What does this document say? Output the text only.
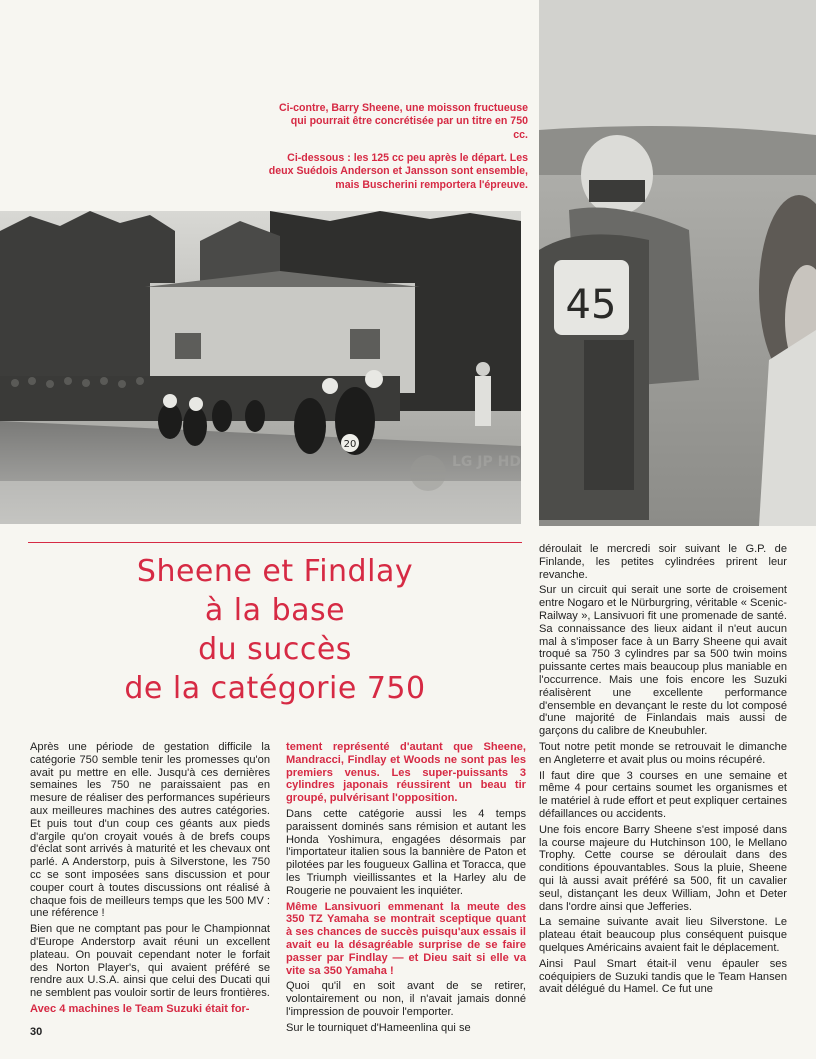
Ci-contre, Barry Sheene, une moisson fructueuse qui pourrait être concrétisée par un titre en 750 cc.
Ci-dessous : les 125 cc peu après le départ. Les deux Suédois Anderson et Jansson sont ensemble, mais Buscherini remportera l'épreuve.
20
LG JP HD
45
Sheene et Findlay
à la base
du succès
de la catégorie 750

Après une période de gestation difficile la catégorie 750 semble tenir les promesses qu'on avait pu mettre en elle. Jusqu'à ces dernières semaines les 750 ne paraissaient pas en mesure de réaliser des performances supérieurs aux meilleures machines des autres catégories. Et puis tout d'un coup ces géants aux pieds d'argile qu'on croyait voués à de brefs coups d'éclat sont arrivés à maturité et les chevaux ont parlé. A Anderstorp, puis à Silverstone, les 750 cc se sont imposées sans discussion et pour couper court à toutes discussions ont réalisé à chaque fois de meilleurs temps que les 500 MV : une référence !

Bien que ne comptant pas pour le Championnat d'Europe Anderstorp avait réuni un excellent plateau. On pouvait cependant noter le forfait des Norton Player's, qui avaient préféré se rendre aux U.S.A. ainsi que celui des Ducati qui ne semblent pas vouloir sortir de leurs frontières.

Avec 4 machines le Team Suzuki était for-

tement représenté d'autant que Sheene, Mandracci, Findlay et Woods ne sont pas les premiers venus. Les super-puissants 3 cylindres japonais réussirent un beau tir groupé, pulvérisant l'opposition.

Dans cette catégorie aussi les 4 temps paraissent dominés sans rémision et autant les Honda Yoshimura, engagées désormais par l'importateur italien sous la bannière de Paton et pilotées par les fougueux Gallina et Toracca, que les Triumph vieillissantes et la Harley alu de Rougerie ne pouvaient les inquiéter.

Même Lansivuori emmenant la meute des 350 TZ Yamaha se montrait sceptique quant à ses chances de succès puisqu'aux essais il avait eu la désagréable surprise de se faire passer par Findlay — et Dieu sait si elle va vite sa 350 Yamaha !

Quoi qu'il en soit avant de se retirer, volontairement ou non, il n'avait jamais donné l'impression de pouvoir l'emporter.

Sur le tourniquet d'Hameenlina qui se

déroulait le mercredi soir suivant le G.P. de Finlande, les petites cylindrées prirent leur revanche.

Sur un circuit qui serait une sorte de croisement entre Nogaro et le Nürburgring, véritable « Scenic-Railway », Lansivuori fit une promenade de santé. Sa connaissance des lieux aidant il n'eut aucun mal à s'imposer face à un Barry Sheene qui avait troqué sa 750 3 cylindres par sa 500 twin moins puissante certes mais beaucoup plus maniable en l'occurrence. Mais une fois encore les Suzuki réalisèrent une excellente performance d'ensemble en devançant le reste du lot composé d'une majorité de Finlandais mais aussi de garçons du calibre de Kneubuhler.

Tout notre petit monde se retrouvait le dimanche en Angleterre et avait plus ou moins récupéré.

Il faut dire que 3 courses en une semaine et même 4 pour certains soumet les organismes et le matériel à rude effort et peut expliquer certaines défaillances ou accidents.

Une fois encore Barry Sheene s'est imposé dans la course majeure du Hutchinson 100, le Mellano Trophy. Cette course se déroulait dans des conditions épouvantables. Sous la pluie, Sheene qui là aussi avait préféré sa 500, fit un cavalier seul, distançant les deux William, John et Deter dans l'ordre ainsi que Jefferies.

La semaine suivante avait lieu Silverstone. Le plateau était beaucoup plus conséquent puisque quelques Américains avaient fait le déplacement.

Ainsi Paul Smart était-il venu épauler ses coéquipiers de Suzuki tandis que le Team Hansen avait délégué du Hamel. Ce fut une

30
